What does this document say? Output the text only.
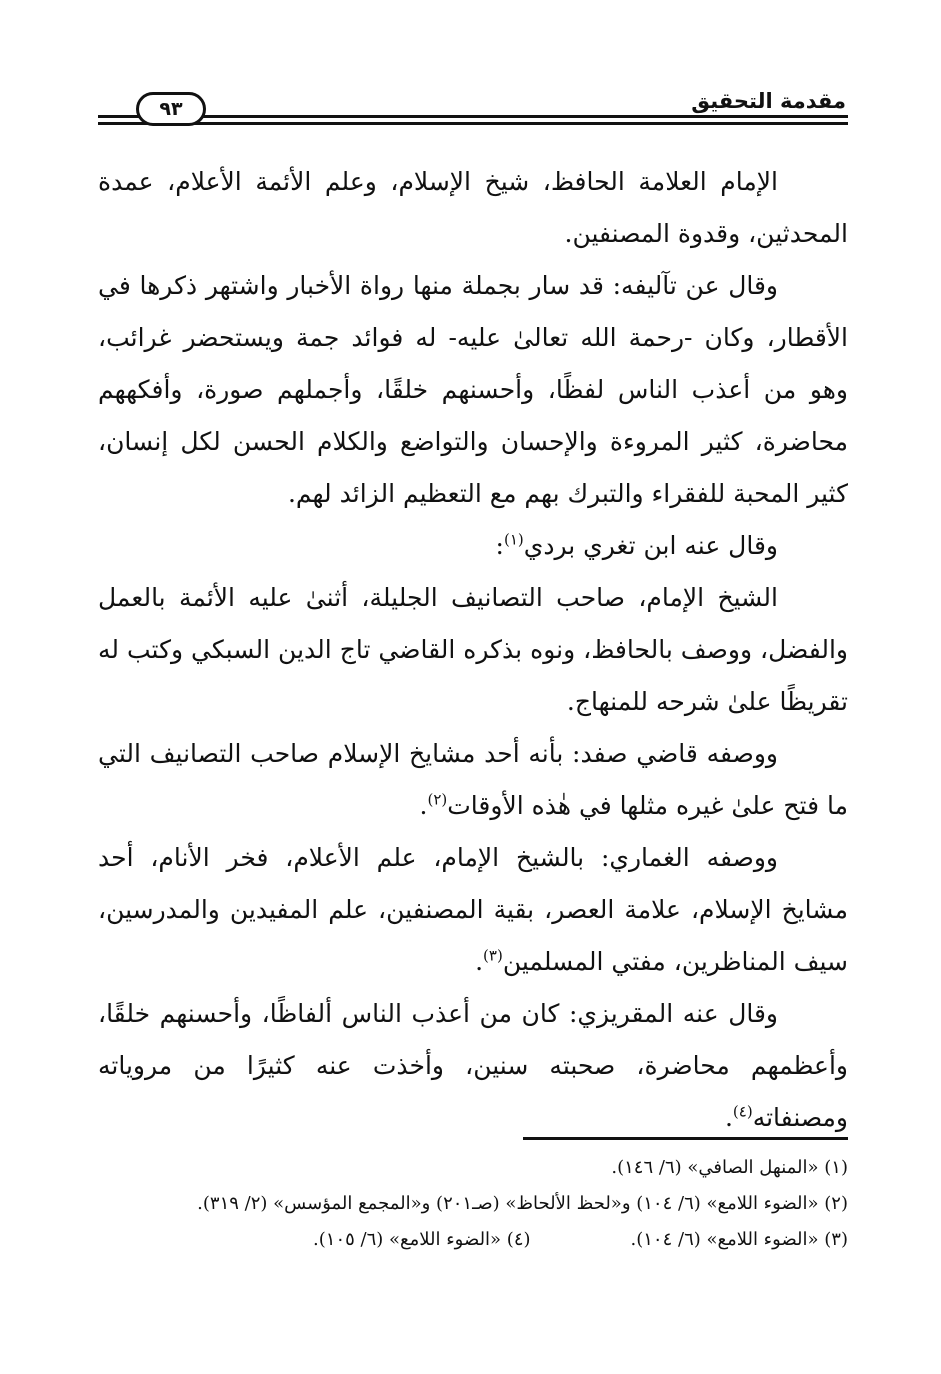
مقدمة التحقيق
٩٣

الإمام العلامة الحافظ، شيخ الإسلام، وعلم الأئمة الأعلام، عمدة المحدثين، وقدوة المصنفين.

وقال عن تآليفه: قد سار بجملة منها رواة الأخبار واشتهر ذكرها في الأقطار، وكان -رحمة الله تعالىٰ عليه- له فوائد جمة ويستحضر غرائب، وهو من أعذب الناس لفظًا، وأحسنهم خلقًا، وأجملهم صورة، وأفكههم محاضرة، كثير المروءة والإحسان والتواضع والكلام الحسن لكل إنسان، كثير المحبة للفقراء والتبرك بهم مع التعظيم الزائد لهم.

وقال عنه ابن تغري بردي$^{(١)}$:

الشيخ الإمام، صاحب التصانيف الجليلة، أثنىٰ عليه الأئمة بالعمل والفضل، ووصف بالحافظ، ونوه بذكره القاضي تاج الدين السبكي وكتب له تقريظًا علىٰ شرحه للمنهاج.

ووصفه قاضي صفد: بأنه أحد مشايخ الإسلام صاحب التصانيف التي ما فتح علىٰ غيره مثلها في هٰذه الأوقات$^{(٢)}$.

ووصفه الغماري: بالشيخ الإمام، علم الأعلام، فخر الأنام، أحد مشايخ الإسلام، علامة العصر، بقية المصنفين، علم المفيدين والمدرسين، سيف المناظرين، مفتي المسلمين$^{(٣)}$.

وقال عنه المقريزي: كان من أعذب الناس ألفاظًا، وأحسنهم خلقًا، وأعظمهم محاضرة، صحبته سنين، وأخذت عنه كثيرًا من مروياته ومصنفاته$^{(٤)}$.

(١) «المنهل الصافي» (٦/ ١٤٦).
(٢) «الضوء اللامع» (٦/ ١٠٤) و«لحظ الألحاظ» (صـ٢٠١) و«المجمع المؤسس» (٢/ ٣١٩).
(٣) «الضوء اللامع» (٦/ ١٠٤).
(٤) «الضوء اللامع» (٦/ ١٠٥).
